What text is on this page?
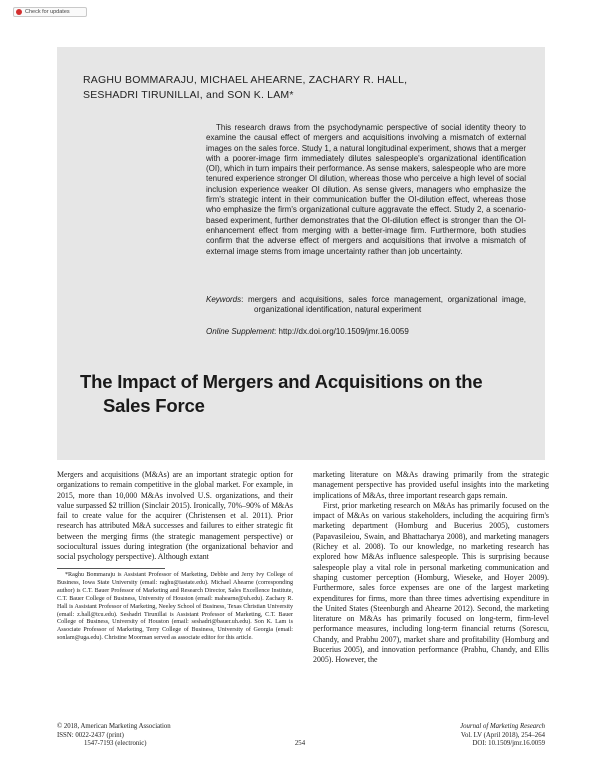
Check for updates
RAGHU BOMMARAJU, MICHAEL AHEARNE, ZACHARY R. HALL,
SESHADRI TIRUNILLAI, and SON K. LAM*

This research draws from the psychodynamic perspective of social identity theory to examine the causal effect of mergers and acquisitions involving a mismatch of external images on the sales force. Study 1, a natural longitudinal experiment, shows that a merger with a poorer-image firm immediately dilutes salespeople's organizational identification (OI), which in turn impairs their performance. As sense makers, salespeople who are more tenured experience stronger OI dilution, whereas those who perceive a high level of social inclusion experience weaker OI dilution. As sense givers, managers who emphasize the firm's strategic intent in their communication buffer the OI-dilution effect, whereas those who emphasize the firm's organizational culture aggravate the effect. Study 2, a scenario-based experiment, further demonstrates that the OI-dilution effect is stronger than the OI-enhancement effect from merging with a better-image firm. Furthermore, both studies confirm that the adverse effect of mergers and acquisitions that involve a mismatch of external image stems from image uncertainty rather than job uncertainty.

Keywords: mergers and acquisitions, sales force management, organizational image, organizational identification, natural experiment

Online Supplement: http://dx.doi.org/10.1509/jmr.16.0059

The Impact of Mergers and Acquisitions on the
Sales Force

Mergers and acquisitions (M&As) are an important strategic option for organizations to remain competitive in the global market. For example, in 2015, more than 10,000 M&As involved U.S. organizations, and their value surpassed $2 trillion (Sinclair 2015). Ironically, 70%–90% of M&As fail to create value for the acquirer (Christensen et al. 2011). Prior research has attributed M&A successes and failures to either strategic fit between the merging firms (the strategic management perspective) or sociocultural issues during integration (the organizational behavior and social psychology perspective). Although extant

marketing literature on M&As drawing primarily from the strategic management perspective has provided useful insights into the marketing implications of M&As, three important research gaps remain.

First, prior marketing research on M&As has primarily focused on the impact of M&As on various stakeholders, including the acquiring firm's marketing department (Homburg and Bucerius 2005), customers (Papavasileiou, Swain, and Bhattacharya 2008), and marketing managers (Richey et al. 2008). To our knowledge, no marketing research has explored how M&As influence salespeople. This is surprising because salespeople play a vital role in personal marketing communication and shaping customer perception (Homburg, Wieseke, and Hoyer 2009). Furthermore, sales force expenses are one of the largest marketing expenditures for firms, more than three times advertising expenditure in the United States (Steenburgh and Ahearne 2012). Second, the marketing literature on M&As has primarily focused on long-term, firm-level performance measures, including long-term financial returns (Sorescu, Chandy, and Prabhu 2007), market share and profitability (Homburg and Bucerius 2005), and innovation performance (Prabhu, Chandy, and Ellis 2005). However, the

*Raghu Bommaraju is Assistant Professor of Marketing, Debbie and Jerry Ivy College of Business, Iowa State University (email: raghu@iastate.edu). Michael Ahearne (corresponding author) is C.T. Bauer Professor of Marketing and Research Director, Sales Excellence Institute, C.T. Bauer College of Business, University of Houston (email: mahearne@uh.edu). Zachary R. Hall is Assistant Professor of Marketing, Neeley School of Business, Texas Christian University (email: z.hall@tcu.edu). Seshadri Tirunillai is Assistant Professor of Marketing, C.T. Bauer College of Business, University of Houston (email: seshadri@bauer.uh.edu). Son K. Lam is Associate Professor of Marketing, Terry College of Business, University of Georgia (email: sonlam@uga.edu). Christine Moorman served as associate editor for this article.

© 2018, American Marketing Association
ISSN: 0022-2437 (print)
1547-7193 (electronic)	254

Journal of Marketing Research
Vol. LV (April 2018), 254–264
DOI: 10.1509/jmr.16.0059
